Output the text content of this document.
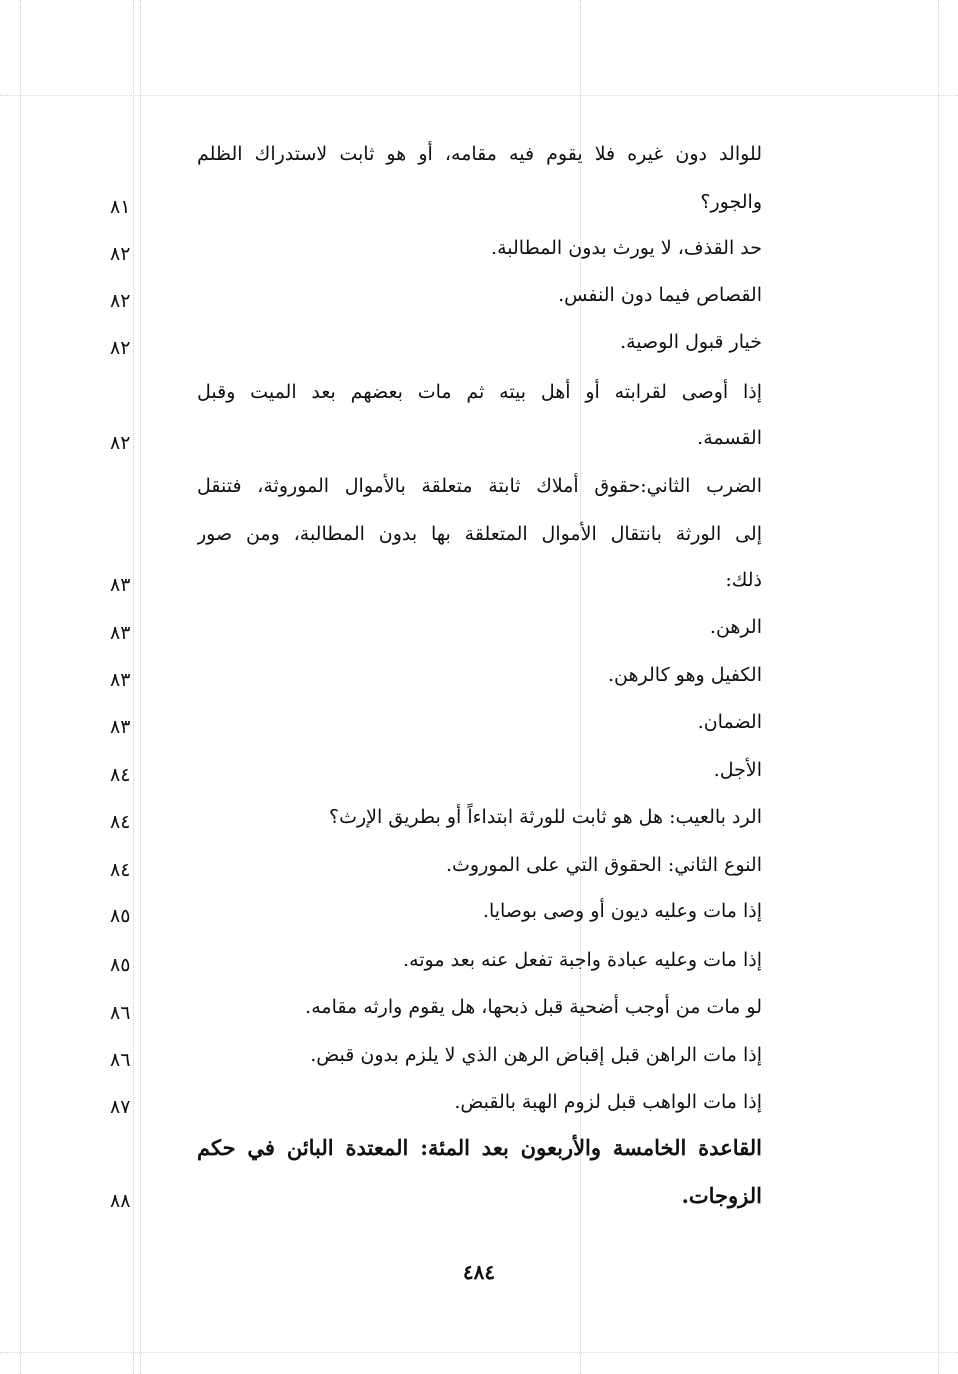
للوالد دون غيره فلا يقوم فيه مقامه، أو هو ثابت لاستدراك الظلم
والجور؟
٨١
حد القذف، لا يورث بدون المطالبة.
٨٢
القصاص فيما دون النفس.
٨٢
خيار قبول الوصية.
٨٢
إذا أوصى لقرابته أو أهل بيته ثم مات بعضهم بعد الميت وقبل
القسمة.
٨٢
الضرب الثاني:حقوق أملاك ثابتة متعلقة بالأموال الموروثة، فتنقل
إلى الورثة بانتقال الأموال المتعلقة بها بدون المطالبة، ومن صور
ذلك:
٨٣
الرهن.
٨٣
الكفيل وهو كالرهن.
٨٣
الضمان.
٨٣
الأجل.
٨٤
الرد بالعيب: هل هو ثابت للورثة ابتداءاً أو بطريق الإرث؟
٨٤
النوع الثاني: الحقوق التي على الموروث.
٨٤
إذا مات وعليه ديون أو وصى بوصايا.
٨٥
إذا مات وعليه عبادة واجبة تفعل عنه بعد موته.
٨٥
لو مات من أوجب أضحية قبل ذبحها، هل يقوم وارثه مقامه.
٨٦
إذا مات الراهن قبل إقباض الرهن الذي لا يلزم بدون قبض.
٨٦
إذا مات الواهب قبل لزوم الهبة بالقبض.
٨٧
القاعدة الخامسة والأربعون بعد المئة: المعتدة البائن في حكم
الزوجات.
٨٨
٤٨٤
